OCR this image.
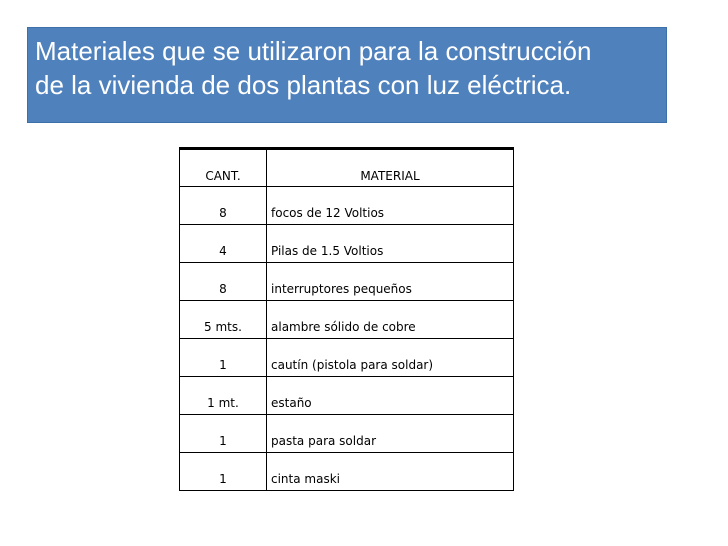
Materiales que se utilizaron para la construcción
de la vivienda de dos plantas con luz eléctrica.
CANT.	MATERIAL
8	focos de 12 Voltios
4	Pilas de 1.5 Voltios
8	interruptores pequeños
5 mts.	alambre sólido de cobre
1	cautín (pistola para soldar)
1 mt.	estaño
1	pasta para soldar
1	cinta maski
